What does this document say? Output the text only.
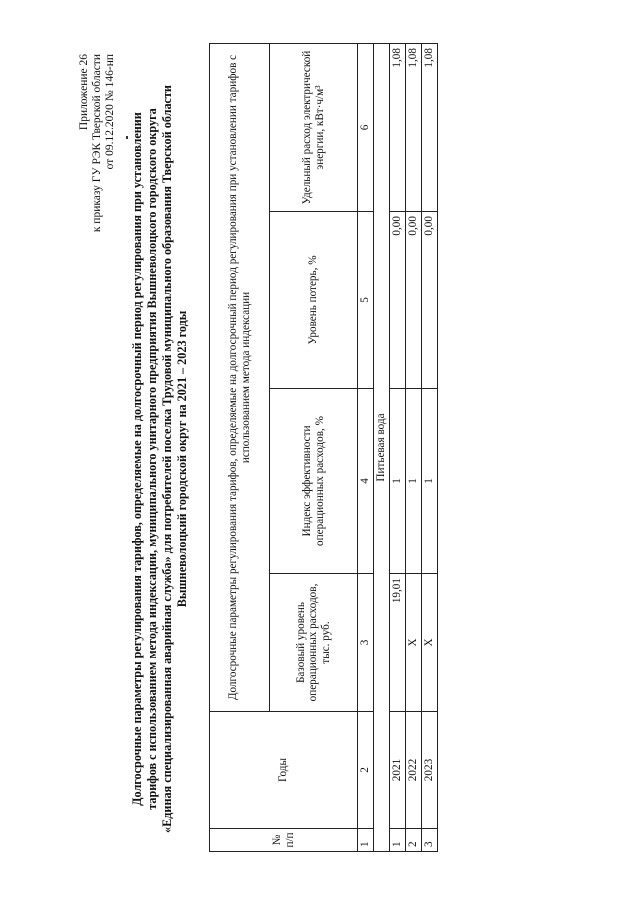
Приложение 26 к приказу ГУ РЭК Тверской области от 09.12.2020 № 146-нп
Долгосрочные параметры регулирования тарифов, определяемые на долгосрочный период регулирования при установлении тарифов с использованием метода индексации, муниципального унитарного предприятия Вышневолоцкого городского округа «Единая специализированная аварийная служба» для потребителей поселка Трудовой муниципального образования Тверской области Вышневолоцкий городской округ на 2021 – 2023 годы
№ п/п	Годы	Долгосрочные параметры регулирования тарифов, определяемые на долгосрочный период регулирования при установлении тарифов с использованием метода индексации			
		Базовый уровень операционных расходов, тыс. руб.	Индекс эффективности операционных расходов, %	Уровень потерь, %	Удельный расход электрической энергии, кВт·ч/м³
1	2	3	4	5	6
Питьевая вода					
1	2021	19,01	1	0,00	1,08
2	2022	Х	1	0,00	1,08
3	2023	Х	1	0,00	1,08
